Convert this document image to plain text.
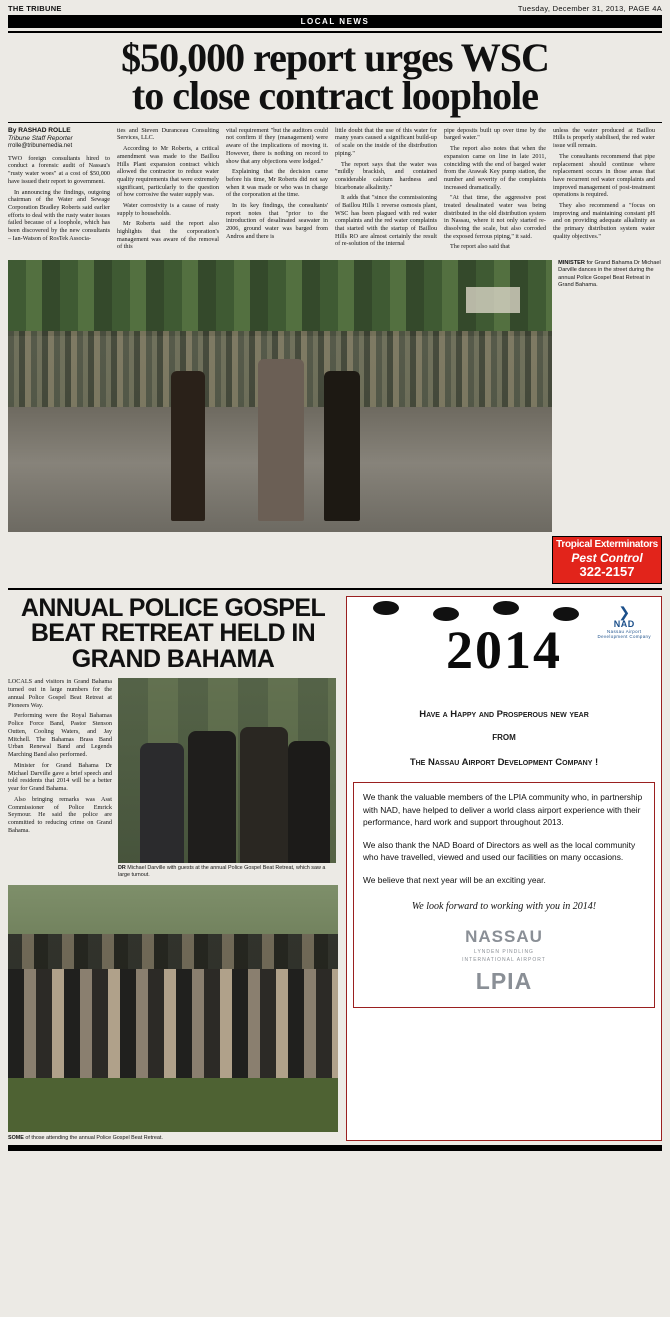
THE TRIBUNE	Tuesday, December 31, 2013, PAGE 4A
LOCAL NEWS
$50,000 report urges WSC
to close contract loophole
By RASHAD ROLLE
Tribune Staff Reporter
rrolle@tribunemedia.net

TWO foreign consultants hired to conduct a forensic audit of Nassau's "rusty water woes" at a cost of $50,000 have issued their report to government.

In announcing the findings, outgoing chairman of the Water and Sewage Corporation Bradley Roberts said earlier efforts to deal with the rusty water issues failed because of a loophole, which has been discovered by the new consultants – Ian-Watson of RosTek Associa-

ties and Steven Duranceau Consulting Services, LLC.

According to Mr Roberts, a critical amendment was made to the Baillou Hills Plant expansion contract which allowed the contractor to reduce water quality requirements that were extremely significant, particularly to the question of how corrosive the water supply was.

Water corrosivity is a cause of rusty supply to households.

Mr Roberts said the report also highlights that the corporation's management was aware of the removal of this

vital requirement "but the auditors could not confirm if they (management) were aware of the implications of moving it. However, there is nothing on record to show that any objections were lodged."

Explaining that the decision came before his time, Mr Roberts did not say when it was made or who was in charge of the corporation at the time.

In its key findings, the consultants' report notes that "prior to the introduction of desalinated seawater in 2006, ground water was barged from Andros and there is

little doubt that the use of this water for many years caused a significant build-up of scale on the inside of the distribution piping."

The report says that the water was "mildly brackish, and contained considerable calcium hardness and bicarbonate alkalinity."

It adds that "since the commissioning of Baillou Hills 1 reverse osmosis plant, WSC has been plagued with red water complaints and the red water complaints that started with the startup of Baillou Hills RO are almost certainly the result of re-solution of the internal

pipe deposits built up over time by the barged water."

The report also notes that when the expansion came on line in late 2011, coinciding with the end of barged water from the Arawak Key pump station, the number and severity of the complaints increased dramatically.

"At that time, the aggressive post treated desalinated water was being distributed in the old distribution system in Nassau, where it not only started re-dissolving the scale, but also corroded the exposed ferrous piping," it said.

The report also said that

unless the water produced at Baillou Hills is properly stabilised, the red water issue will remain.

The consultants recommend that pipe replacement should continue where replacement occurs in those areas that have recurrent red water complaints and improved management of post-treatment operations is required.

They also recommend a "focus on improving and maintaining constant pH and on providing adequate alkalinity as the primary distribution system water quality objectives."

MINISTER for Grand Bahama Dr Michael Darville dances in the street during the annual Police Gospel Beat Retreat in Grand Bahama.
Tropical Exterminators
Pest Control
322-2157
ANNUAL POLICE GOSPEL BEAT RETREAT HELD IN GRAND BAHAMA

LOCALS and visitors in Grand Bahama turned out in large numbers for the annual Police Gospel Beat Retreat at Pioneers Way.

Performing were the Royal Bahamas Police Force Band, Pastor Stenson Outten, Cooling Waters, and Jay Mitchell. The Bahamas Brass Band Urban Renewal Band and Legends Marching Band also performed.

Minister for Grand Bahama Dr Michael Darville gave a brief speech and told residents that 2014 will be a better year for Grand Bahama.

Also bringing remarks was Asst Commissioner of Police Emrick Seymour. He said the police are committed to reducing crime on Grand Bahama.

DR Michael Darville with guests at the annual Police Gospel Beat Retreat, which saw a large turnout.
SOME of those attending the annual Police Gospel Beat Retreat.
❯
NAD
Nassau Airport
Development Company
2014
Have a Happy and Prosperous new year
FROM
The Nassau Airport Development Company !

We thank the valuable members of the LPIA community who, in partnership with NAD, have helped to deliver a world class airport experience with their performance, hard work and support throughout 2013.

We also thank the NAD Board of Directors as well as the local community who have travelled, viewed and used our facilities on many occasions.

We believe that next year will be an exciting year.

We look forward to working with you in 2014!
NASSAU
LYNDEN PINDLING
INTERNATIONAL AIRPORT
LPIA
